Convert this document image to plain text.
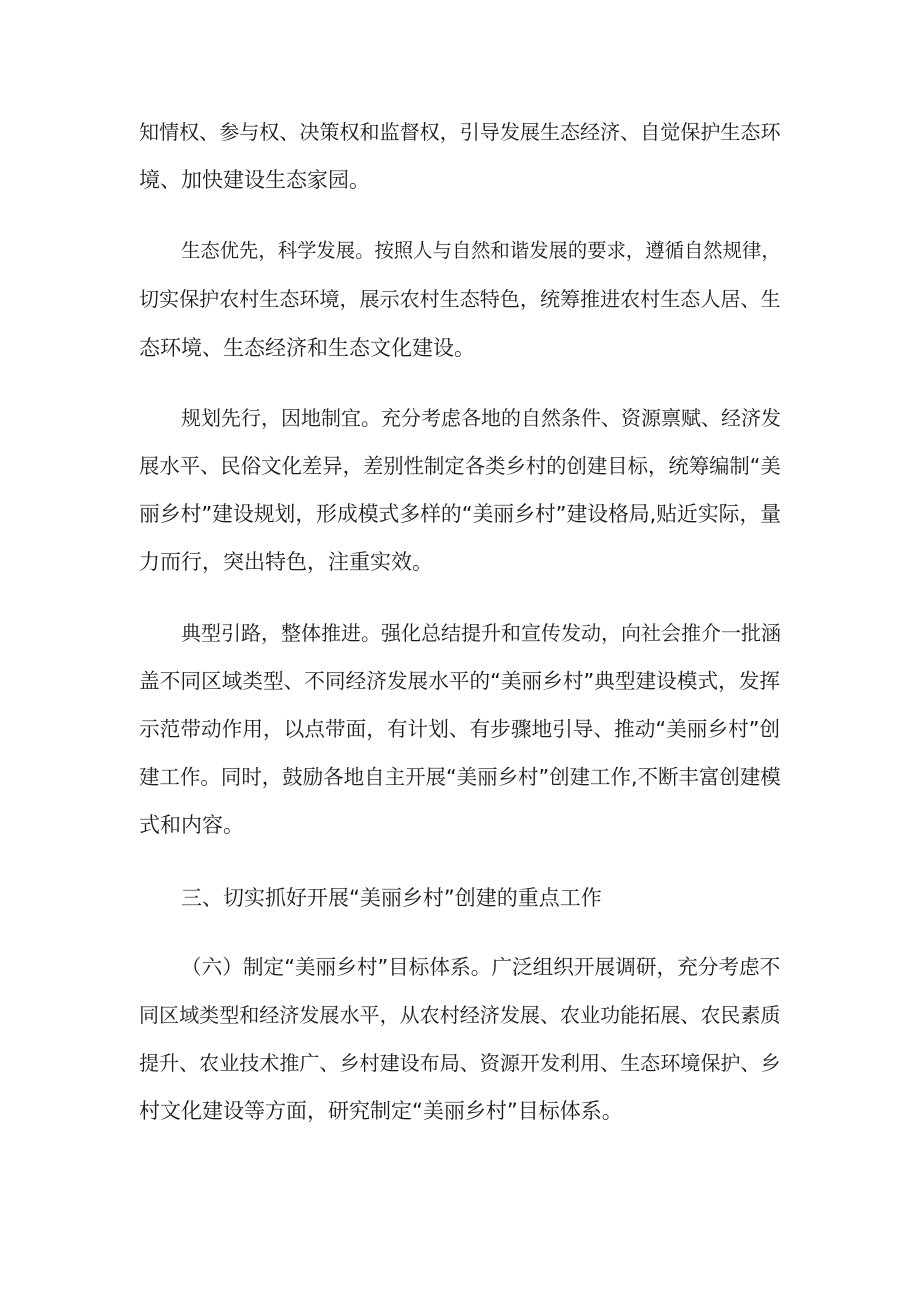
知情权、参与权、决策权和监督权，引导发展生态经济、自觉保护生态环
境、加快建设生态家园。
生态优先，科学发展。按照人与自然和谐发展的要求，遵循自然规律，
切实保护农村生态环境，展示农村生态特色，统筹推进农村生态人居、生
态环境、生态经济和生态文化建设。
规划先行，因地制宜。充分考虑各地的自然条件、资源禀赋、经济发
展水平、民俗文化差异，差别性制定各类乡村的创建目标，统筹编制“美
丽乡村”建设规划，形成模式多样的“美丽乡村”建设格局,贴近实际，量
力而行，突出特色，注重实效。
典型引路，整体推进。强化总结提升和宣传发动，向社会推介一批涵
盖不同区域类型、不同经济发展水平的“美丽乡村”典型建设模式，发挥
示范带动作用，以点带面，有计划、有步骤地引导、推动“美丽乡村”创
建工作。同时，鼓励各地自主开展“美丽乡村”创建工作,不断丰富创建模
式和内容。
三、切实抓好开展“美丽乡村”创建的重点工作
（六）制定“美丽乡村”目标体系。广泛组织开展调研，充分考虑不
同区域类型和经济发展水平，从农村经济发展、农业功能拓展、农民素质
提升、农业技术推广、乡村建设布局、资源开发利用、生态环境保护、乡
村文化建设等方面，研究制定“美丽乡村”目标体系。
